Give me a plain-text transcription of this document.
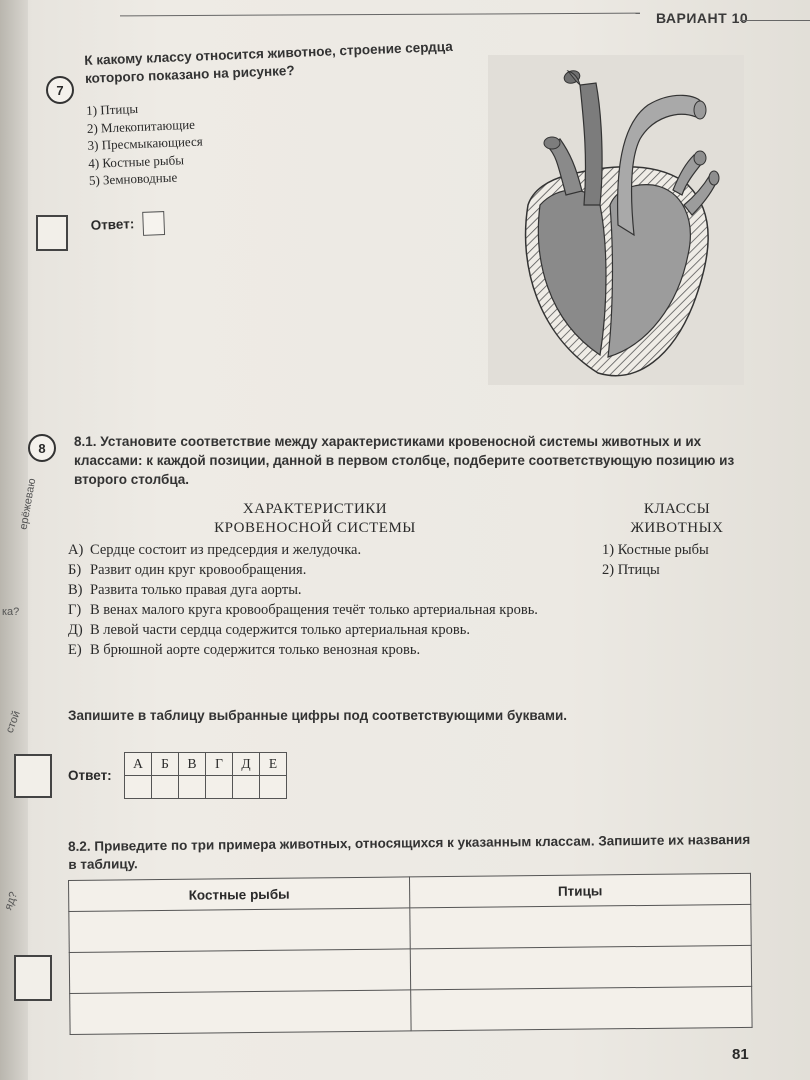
ерёжеваю
ка?
стой
яд?
ВАРИАНТ 10
7
К какому классу относится животное, строение сердца которого показано на рисунке?
1) Птицы
2) Млекопитающие
3) Пресмыкающиеся
4) Костные рыбы
5) Земноводные
Ответ:
8	8.1. Установите соответствие между характеристиками кровеносной системы животных и их классами: к каждой позиции, данной в первом столбце, подберите соответствующую позицию из второго столбца.
ХАРАКТЕРИСТИКИ
КРОВЕНОСНОЙ СИСТЕМЫ
КЛАССЫ
ЖИВОТНЫХ
А) Сердце состоит из предсердия и желудочка.
Б) Развит один круг кровообращения.
В) Развита только правая дуга аорты.
Г) В венах малого круга кровообращения течёт только артериальная кровь.
Д) В левой части сердца содержится только артериальная кровь.
Е) В брюшной аорте содержится только венозная кровь.
1) Костные рыбы
2) Птицы
Запишите в таблицу выбранные цифры под соответствующими буквами.
Ответ:
А	Б	В	Г	Д	Е

8.2. Приведите по три примера животных, относящихся к указанным классам. Запишите их названия в таблицу.
Костные рыбы	Птицы

81
